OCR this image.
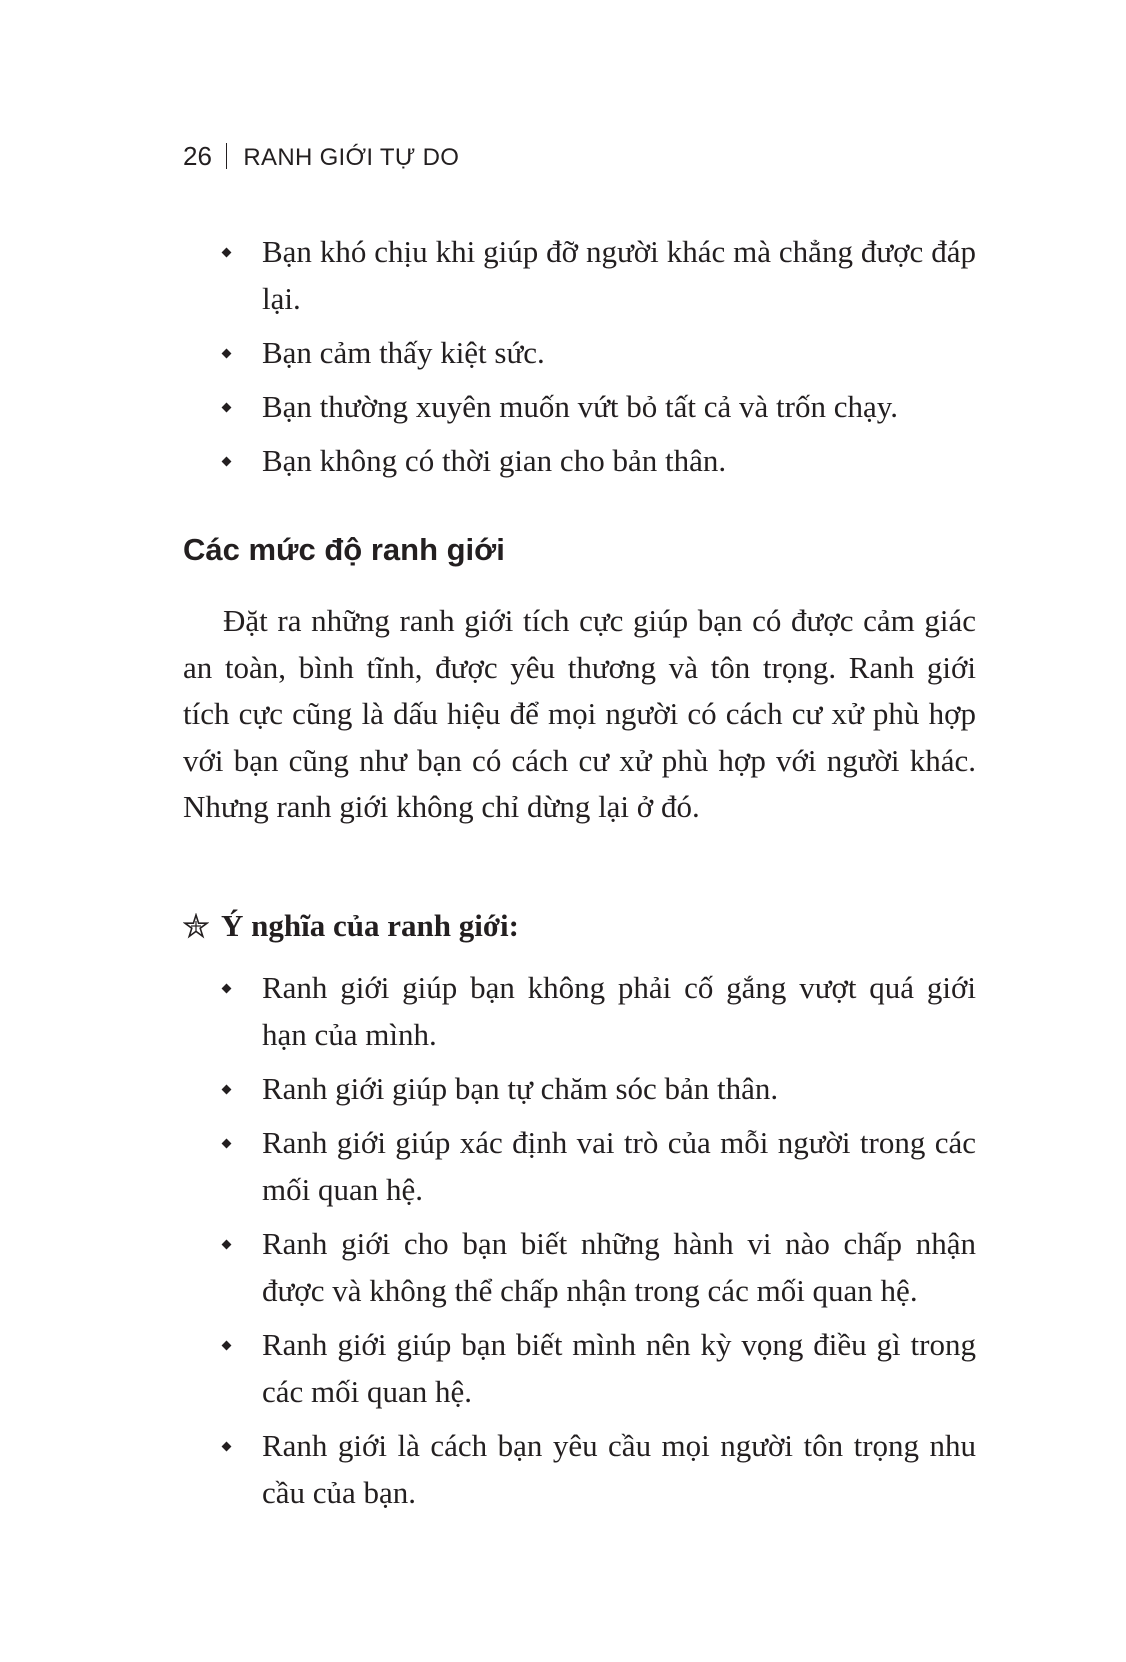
26 RANH GIỚI TỰ DO
Bạn khó chịu khi giúp đỡ người khác mà chẳng được đáp lại.
Bạn cảm thấy kiệt sức.
Bạn thường xuyên muốn vứt bỏ tất cả và trốn chạy.
Bạn không có thời gian cho bản thân.
Các mức độ ranh giới

Đặt ra những ranh giới tích cực giúp bạn có được cảm giác an toàn, bình tĩnh, được yêu thương và tôn trọng. Ranh giới tích cực cũng là dấu hiệu để mọi người có cách cư xử phù hợp với bạn cũng như bạn có cách cư xử phù hợp với người khác. Nhưng ranh giới không chỉ dừng lại ở đó.

Ý nghĩa của ranh giới:
Ranh giới giúp bạn không phải cố gắng vượt quá giới hạn của mình.
Ranh giới giúp bạn tự chăm sóc bản thân.
Ranh giới giúp xác định vai trò của mỗi người trong các mối quan hệ.
Ranh giới cho bạn biết những hành vi nào chấp nhận được và không thể chấp nhận trong các mối quan hệ.
Ranh giới giúp bạn biết mình nên kỳ vọng điều gì trong các mối quan hệ.
Ranh giới là cách bạn yêu cầu mọi người tôn trọng nhu cầu của bạn.
